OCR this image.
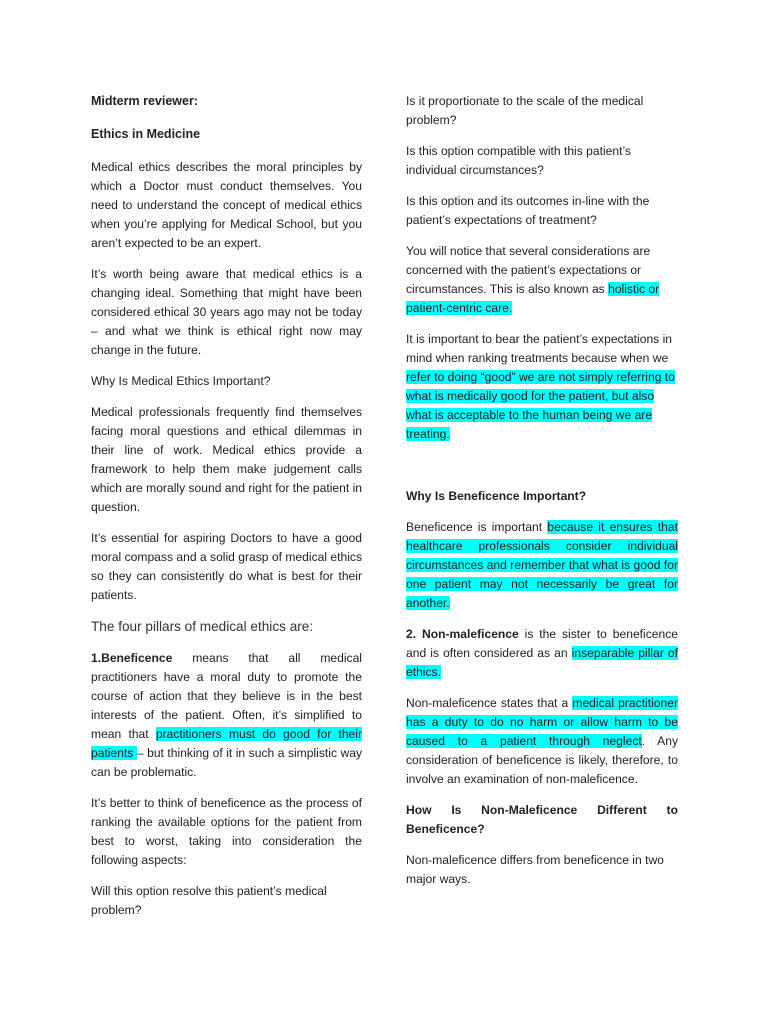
Midterm reviewer:

Ethics in Medicine

Medical ethics describes the moral principles by which a Doctor must conduct themselves. You need to understand the concept of medical ethics when you’re applying for Medical School, but you aren’t expected to be an expert.

It’s worth being aware that medical ethics is a changing ideal. Something that might have been considered ethical 30 years ago may not be today – and what we think is ethical right now may change in the future.

Why Is Medical Ethics Important?

Medical professionals frequently find themselves facing moral questions and ethical dilemmas in their line of work. Medical ethics provide a framework to help them make judgement calls which are morally sound and right for the patient in question.

It’s essential for aspiring Doctors to have a good moral compass and a solid grasp of medical ethics so they can consistently do what is best for their patients.

The four pillars of medical ethics are:

1.Beneficence means that all medical practitioners have a moral duty to promote the course of action that they believe is in the best interests of the patient. Often, it’s simplified to mean that practitioners must do good for their patients – but thinking of it in such a simplistic way can be problematic.

It’s better to think of beneficence as the process of ranking the available options for the patient from best to worst, taking into consideration the following aspects:

Will this option resolve this patient’s medical problem?

Is it proportionate to the scale of the medical problem?

Is this option compatible with this patient’s individual circumstances?

Is this option and its outcomes in-line with the patient’s expectations of treatment?

You will notice that several considerations are concerned with the patient’s expectations or circumstances. This is also known as holistic or patient-centric care.

It is important to bear the patient’s expectations in mind when ranking treatments because when we refer to doing “good” we are not simply referring to what is medically good for the patient, but also what is acceptable to the human being we are treating.

Why Is Beneficence Important?

Beneficence is important because it ensures that healthcare professionals consider individual circumstances and remember that what is good for one patient may not necessarily be great for another.

2. Non-maleficence is the sister to beneficence and is often considered as an inseparable pillar of ethics.

Non-maleficence states that a medical practitioner has a duty to do no harm or allow harm to be caused to a patient through neglect. Any consideration of beneficence is likely, therefore, to involve an examination of non-maleficence.

How Is Non-Maleficence Different to Beneficence?

Non-maleficence differs from beneficence in two major ways.
